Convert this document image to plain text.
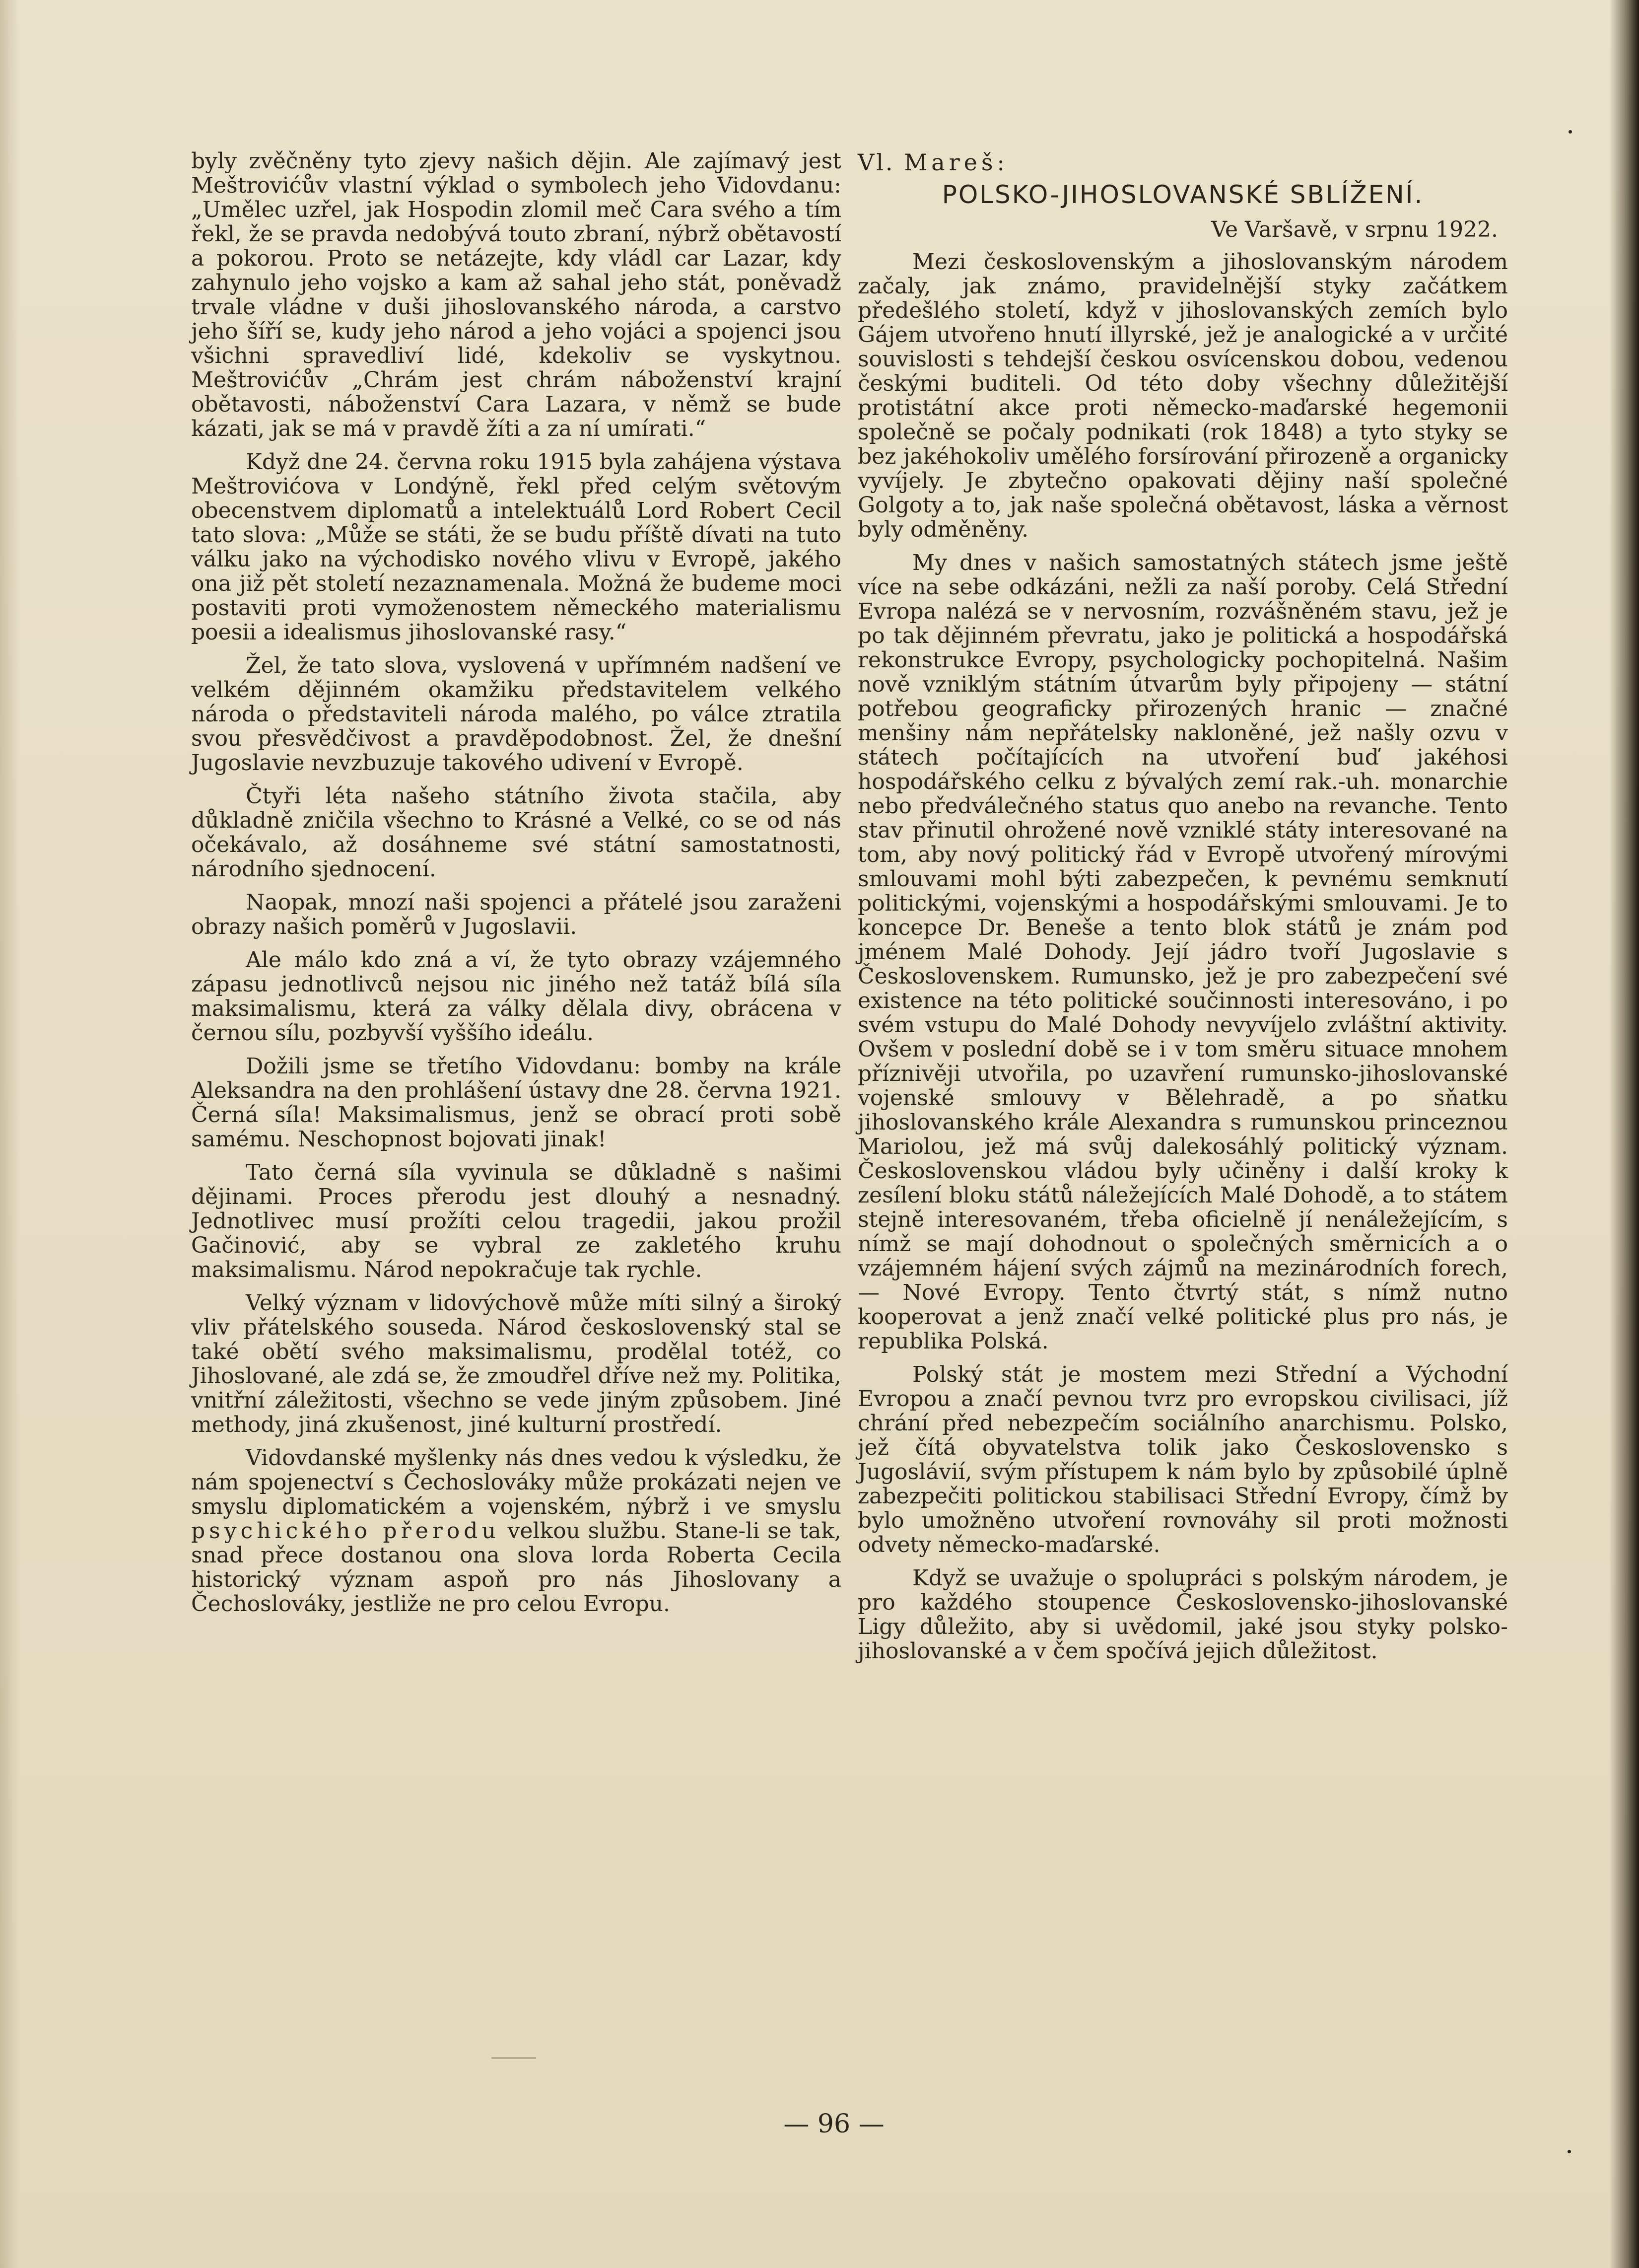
byly zvěčněny tyto zjevy našich dějin. Ale zajímavý jest Meštrovićův vlastní výklad o symbolech jeho Vidovdanu: „Umělec uzřel, jak Hospodin zlomil meč Cara svého a tím řekl, že se pravda nedobývá touto zbraní, nýbrž obětavostí a pokorou. Proto se netázejte, kdy vládl car Lazar, kdy zahynulo jeho vojsko a kam až sahal jeho stát, poněvadž trvale vládne v duši jihoslovanského národa, a carstvo jeho šíří se, kudy jeho národ a jeho vojáci a spojenci jsou všichni spravedliví lidé, kdekoliv se vyskytnou. Meštrovićův „Chrám jest chrám náboženství krajní obětavosti, náboženství Cara Lazara, v němž se bude kázati, jak se má v pravdě žíti a za ní umírati.“

Když dne 24. června roku 1915 byla zahájena výstava Meštrovićova v Londýně, řekl před celým světovým obecenstvem diplomatů a intelektuálů Lord Robert Cecil tato slova: „Může se státi, že se budu příště dívati na tuto válku jako na východisko nového vlivu v Evropě, jakého ona již pět století nezaznamenala. Možná že budeme moci postaviti proti vymoženostem německého materialismu poesii a idealismus jihoslovanské rasy.“

Žel, že tato slova, vyslovená v upřímném nadšení ve velkém dějinném okamžiku představitelem velkého národa o představiteli národa malého, po válce ztratila svou přesvědčivost a pravděpodobnost. Žel, že dnešní Jugoslavie nevzbuzuje takového udivení v Evropě.

Čtyři léta našeho státního života stačila, aby důkladně zničila všechno to Krásné a Velké, co se od nás očekávalo, až dosáhneme své státní samostatnosti, národního sjednocení.

Naopak, mnozí naši spojenci a přátelé jsou zaraženi obrazy našich poměrů v Jugoslavii.

Ale málo kdo zná a ví, že tyto obrazy vzájemného zápasu jednotlivců nejsou nic jiného než tatáž bílá síla maksimalismu, která za války dělala divy, obrácena v černou sílu, pozbyvší vyššího ideálu.

Dožili jsme se třetího Vidovdanu: bomby na krále Aleksandra na den prohlášení ústavy dne 28. června 1921. Černá síla! Maksimalismus, jenž se obrací proti sobě samému. Neschopnost bojovati jinak!

Tato černá síla vyvinula se důkladně s našimi dějinami. Proces přerodu jest dlouhý a nesnadný. Jednotlivec musí prožíti celou tragedii, jakou prožil Gačinović, aby se vybral ze zakletého kruhu maksimalismu. Národ nepokračuje tak rychle.

Velký význam v lidovýchově může míti silný a široký vliv přátelského souseda. Národ československý stal se také obětí svého maksimalismu, prodělal totéž, co Jihoslované, ale zdá se, že zmoudřel dříve než my. Politika, vnitřní záležitosti, všechno se vede jiným způsobem. Jiné methody, jiná zkušenost, jiné kulturní prostředí.

Vidovdanské myšlenky nás dnes vedou k výsledku, že nám spojenectví s Čechoslováky může prokázati nejen ve smyslu diplomatickém a vojenském, nýbrž i ve smyslu psychického přerodu velkou službu. Stane-li se tak, snad přece dostanou ona slova lorda Roberta Cecila historický význam aspoň pro nás Jihoslovany a Čechoslováky, jestliže ne pro celou Evropu.

Vl. Mareš:
POLSKO-JIHOSLOVANSKÉ SBLÍŽENÍ.
Ve Varšavě, v srpnu 1922.

Mezi československým a jihoslovanským národem začaly, jak známo, pravidelnější styky začátkem předešlého století, když v jihoslovanských zemích bylo Gájem utvořeno hnutí illyrské, jež je analogické a v určité souvislosti s tehdejší českou osvícenskou dobou, vedenou českými buditeli. Od této doby všechny důležitější protistátní akce proti německo-maďarské hegemonii společně se počaly podnikati (rok 1848) a tyto styky se bez jakéhokoliv umělého forsírování přirozeně a organicky vyvíjely. Je zbytečno opakovati dějiny naší společné Golgoty a to, jak naše společná obětavost, láska a věrnost byly odměněny.

My dnes v našich samostatných státech jsme ještě více na sebe odkázáni, nežli za naší poroby. Celá Střední Evropa nalézá se v nervosním, rozvášněném stavu, jež je po tak dějinném převratu, jako je politická a hospodářská rekonstrukce Evropy, psychologicky pochopitelná. Našim nově vzniklým státním útvarům byly připojeny — státní potřebou geograficky přirozených hranic — značné menšiny nám nepřátelsky nakloněné, jež našly ozvu v státech počítajících na utvoření buď jakéhosi hospodářského celku z bývalých zemí rak.-uh. monarchie nebo předválečného status quo anebo na revanche. Tento stav přinutil ohrožené nově vzniklé státy interesované na tom, aby nový politický řád v Evropě utvořený mírovými smlouvami mohl býti zabezpečen, k pevnému semknutí politickými, vojenskými a hospodářskými smlouvami. Je to koncepce Dr. Beneše a tento blok států je znám pod jménem Malé Dohody. Její jádro tvoří Jugoslavie s Československem. Rumunsko, jež je pro zabezpečení své existence na této politické součinnosti interesováno, i po svém vstupu do Malé Dohody nevyvíjelo zvláštní aktivity. Ovšem v poslední době se i v tom směru situace mnohem příznivěji utvořila, po uzavření rumunsko-jihoslovanské vojenské smlouvy v Bělehradě, a po sňatku jihoslovanského krále Alexandra s rumunskou princeznou Mariolou, jež má svůj dalekosáhlý politický význam. Československou vládou byly učiněny i další kroky k zesílení bloku států náležejících Malé Dohodě, a to státem stejně interesovaném, třeba oficielně jí nenáležejícím, s nímž se mají dohodnout o společných směrnicích a o vzájemném hájení svých zájmů na mezinárodních forech, — Nové Evropy. Tento čtvrtý stát, s nímž nutno kooperovat a jenž značí velké politické plus pro nás, je republika Polská.

Polský stát je mostem mezi Střední a Východní Evropou a značí pevnou tvrz pro evropskou civilisaci, jíž chrání před nebezpečím sociálního anarchismu. Polsko, jež čítá obyvatelstva tolik jako Československo s Jugoslávií, svým přístupem k nám bylo by způsobilé úplně zabezpečiti politickou stabilisaci Střední Evropy, čímž by bylo umožněno utvoření rovnováhy sil proti možnosti odvety německo-maďarské.

Když se uvažuje o spolupráci s polským národem, je pro každého stoupence Československo-jihoslovanské Ligy důležito, aby si uvědomil, jaké jsou styky polsko-jihoslovanské a v čem spočívá jejich důležitost.

— 96 —
